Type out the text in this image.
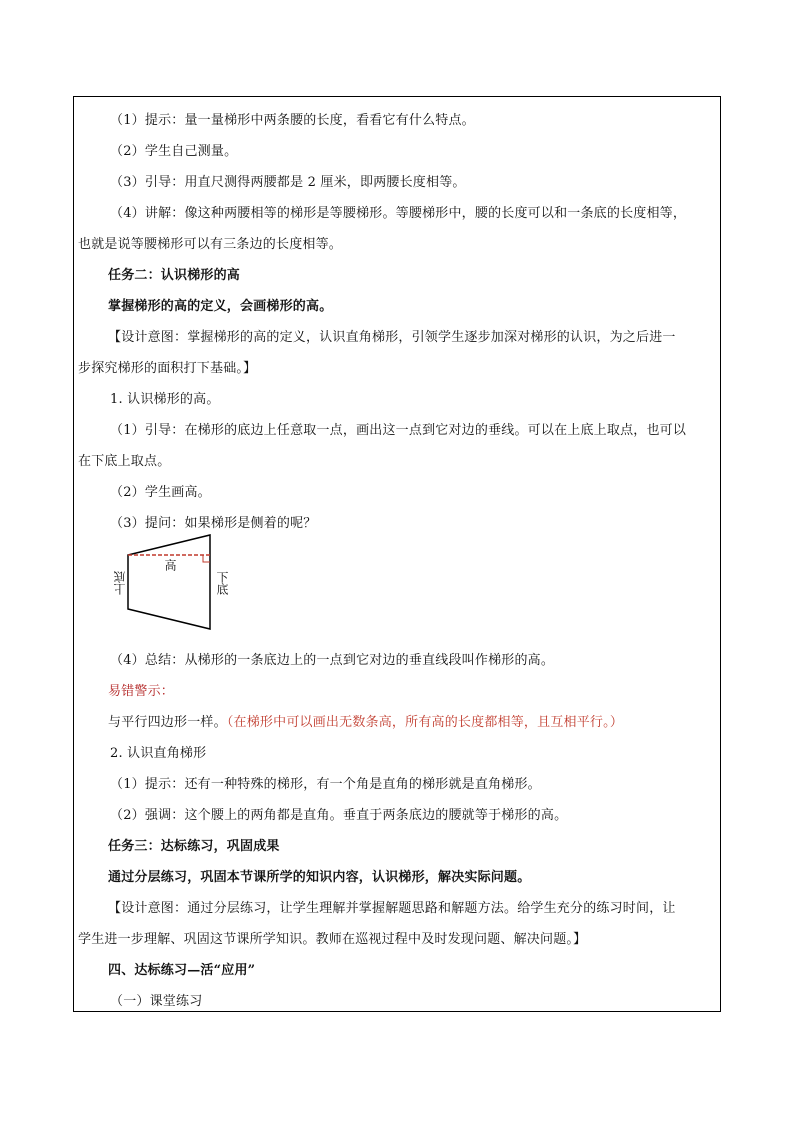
（1）提示：量一量梯形中两条腰的长度，看看它有什么特点。
（2）学生自己测量。
（3）引导：用直尺测得两腰都是 2 厘米，即两腰长度相等。
（4）讲解：像这种两腰相等的梯形是等腰梯形。等腰梯形中，腰的长度可以和一条底的长度相等，
也就是说等腰梯形可以有三条边的长度相等。
任务二：认识梯形的高
掌握梯形的高的定义，会画梯形的高。
【设计意图：掌握梯形的高的定义，认识直角梯形，引领学生逐步加深对梯形的认识，为之后进一
步探究梯形的面积打下基础。】
1. 认识梯形的高。
（1）引导：在梯形的底边上任意取一点，画出这一点到它对边的垂线。可以在上底上取点，也可以
在下底上取点。
（2）学生画高。
（3）提问：如果梯形是侧着的呢？
高
上底	下底
（4）总结：从梯形的一条底边上的一点到它对边的垂直线段叫作梯形的高。
易错警示：
与平行四边形一样。（在梯形中可以画出无数条高，所有高的长度都相等，且互相平行。）
2. 认识直角梯形
（1）提示：还有一种特殊的梯形，有一个角是直角的梯形就是直角梯形。
（2）强调：这个腰上的两角都是直角。垂直于两条底边的腰就等于梯形的高。
任务三：达标练习，巩固成果
通过分层练习，巩固本节课所学的知识内容，认识梯形，解决实际问题。
【设计意图：通过分层练习，让学生理解并掌握解题思路和解题方法。给学生充分的练习时间，让
学生进一步理解、巩固这节课所学知识。教师在巡视过程中及时发现问题、解决问题。】
四、达标练习—活“应用”
（一）课堂练习
